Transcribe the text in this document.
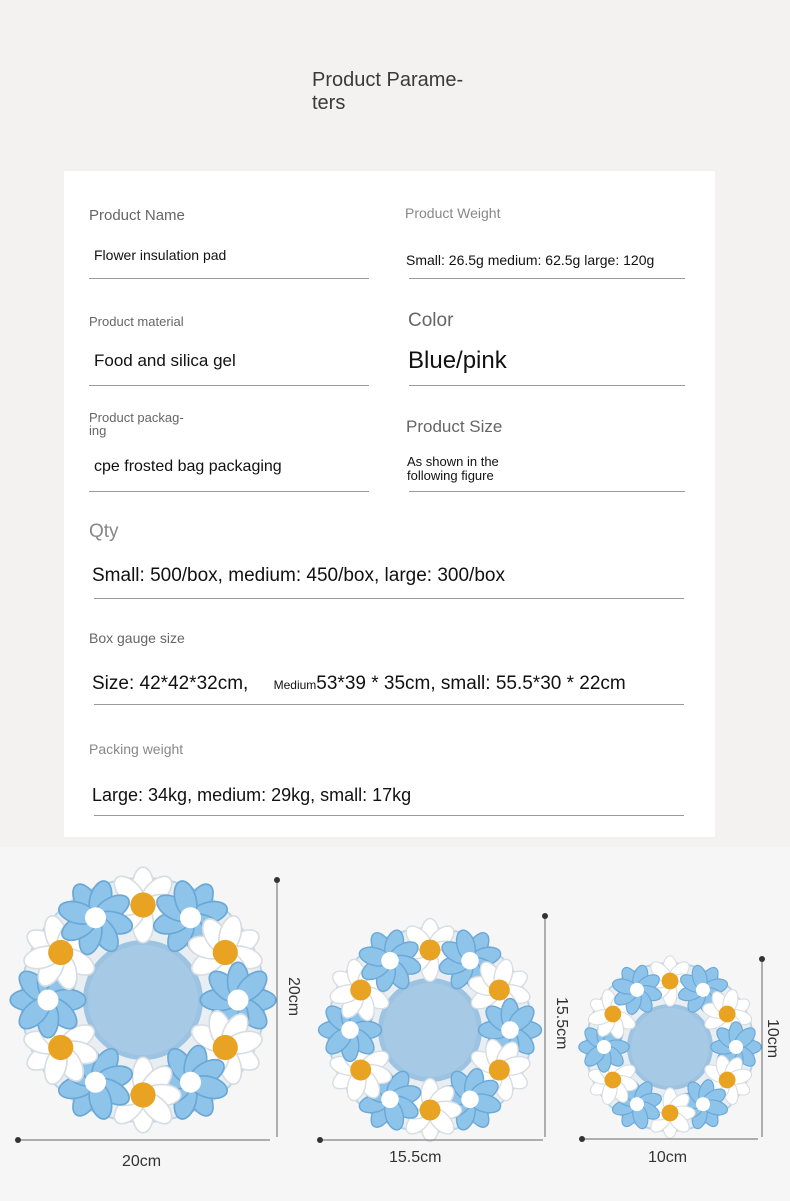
Product Parame-
ters
Product Name
Flower insulation pad
Product Weight
Small: 26.5g medium: 62.5g large: 120g
Product material
Food and silica gel
Color
Blue/pink
Product packag-
ing
cpe frosted bag packaging
Product Size
As shown in the
following figure
Qty
Small: 500/box, medium: 450/box, large: 300/box
Box gauge size
Size: 42*42*32cm, Medium53*39 * 35cm, small: 55.5*30 * 22cm
Packing weight
Large: 34kg, medium: 29kg, small: 17kg
20cm
20cm
15.5cm
15.5cm
10cm
10cm
